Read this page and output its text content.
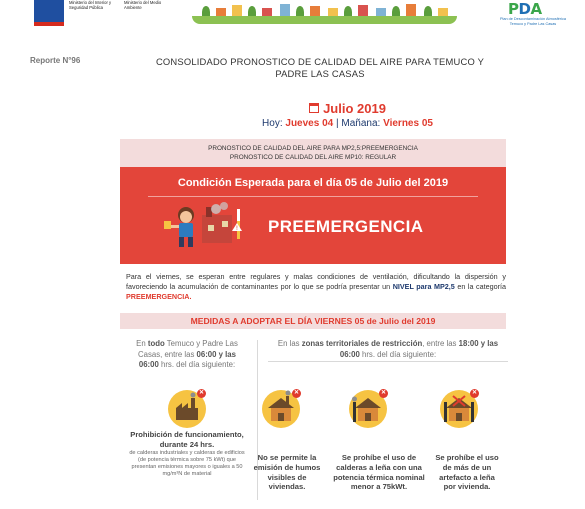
Ministerio del Interior y Seguridad Pública
Ministerio del Medio Ambiente	PDA
Plan de Descontaminación Atmosférica Temuco y Padre Las Casas
Reporte N°96	CONSOLIDADO PRONOSTICO DE CALIDAD DEL AIRE PARA TEMUCO Y PADRE LAS CASAS
Julio 2019
Hoy: Jueves 04 | Mañana: Viernes 05
PRONOSTICO DE CALIDAD DEL AIRE PARA MP2,5:PREEMERGENCIA
PRONOSTICO DE CALIDAD DEL AIRE MP10: REGULAR
Condición Esperada para el día 05 de Julio del 2019
! PREEMERGENCIA
Para el viernes, se esperan entre regulares y malas condiciones de ventilación, dificultando la dispersión y favoreciendo la acumulación de contaminantes por lo que se podría presentar un NIVEL para MP2,5 en la categoría PREEMERGENCIA.
MEDIDAS A ADOPTAR EL DÍA VIERNES 05 de Julio del 2019
En todo Temuco y Padre Las Casas, entre las 06:00 y las 06:00 hrs. del día siguiente:
En las zonas territoriales de restricción, entre las 18:00 y las 06:00 hrs. del día siguiente:
✕	✕	✕	✕
Prohibición de funcionamiento, durante 24 hrs.
de calderas industriales y calderas de edificios (de potencia térmica sobre 75 kWt) que presentan emisiones mayores o iguales a 50 mg/m³N de material
No se permite la emisión de humos visibles de viviendas.
Se prohíbe el uso de calderas a leña con una potencia térmica nominal menor a 75kWt.
Se prohíbe el uso de más de un artefacto a leña por vivienda.
